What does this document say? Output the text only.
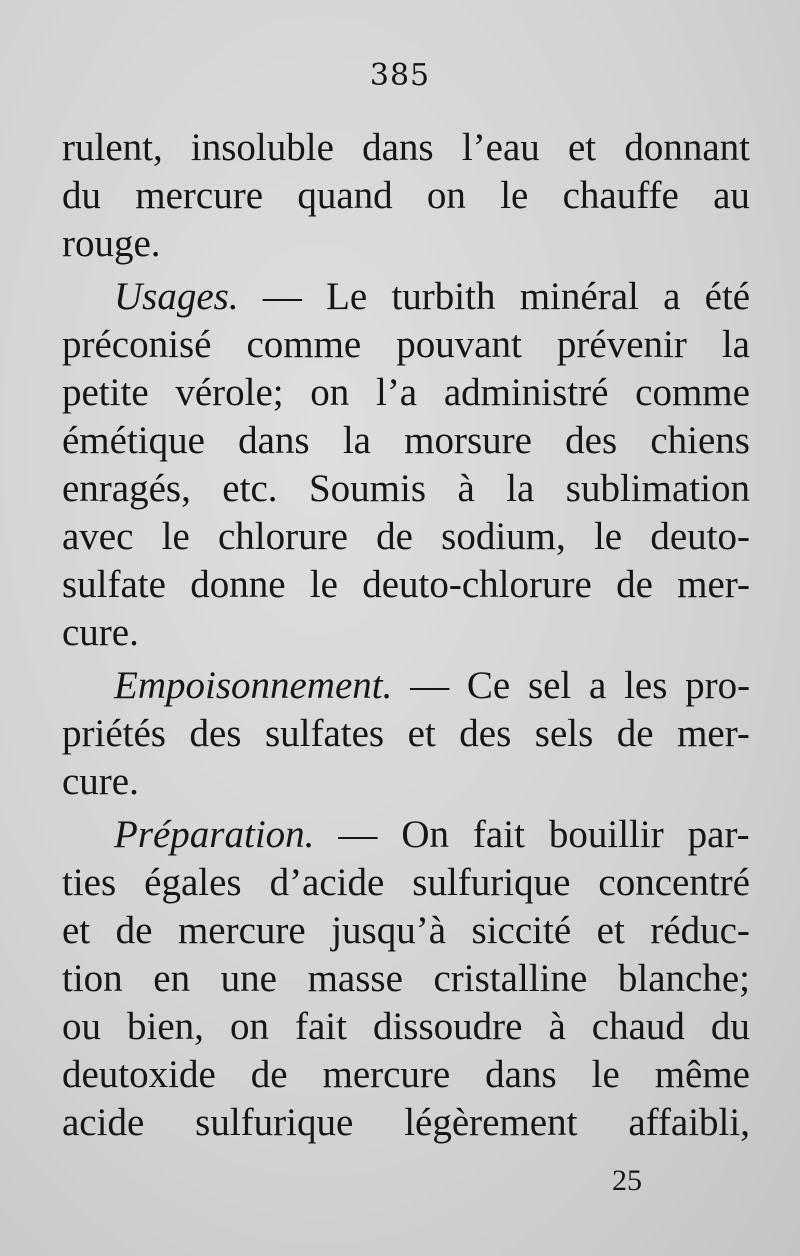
385
rulent, insoluble dans l’eau et donnant
du mercure quand on le chauffe au
rouge.
Usages. — Le turbith minéral a été
préconisé comme pouvant prévenir la
petite vérole; on l’a administré comme
émétique dans la morsure des chiens
enragés, etc. Soumis à la sublimation
avec le chlorure de sodium, le deuto-
sulfate donne le deuto-chlorure de mer-
cure.
Empoisonnement. — Ce sel a les pro-
priétés des sulfates et des sels de mer-
cure.
Préparation. — On fait bouillir par-
ties égales d’acide sulfurique concentré
et de mercure jusqu’à siccité et réduc-
tion en une masse cristalline blanche;
ou bien, on fait dissoudre à chaud du
deutoxide de mercure dans le même
acide sulfurique légèrement affaibli,
25
